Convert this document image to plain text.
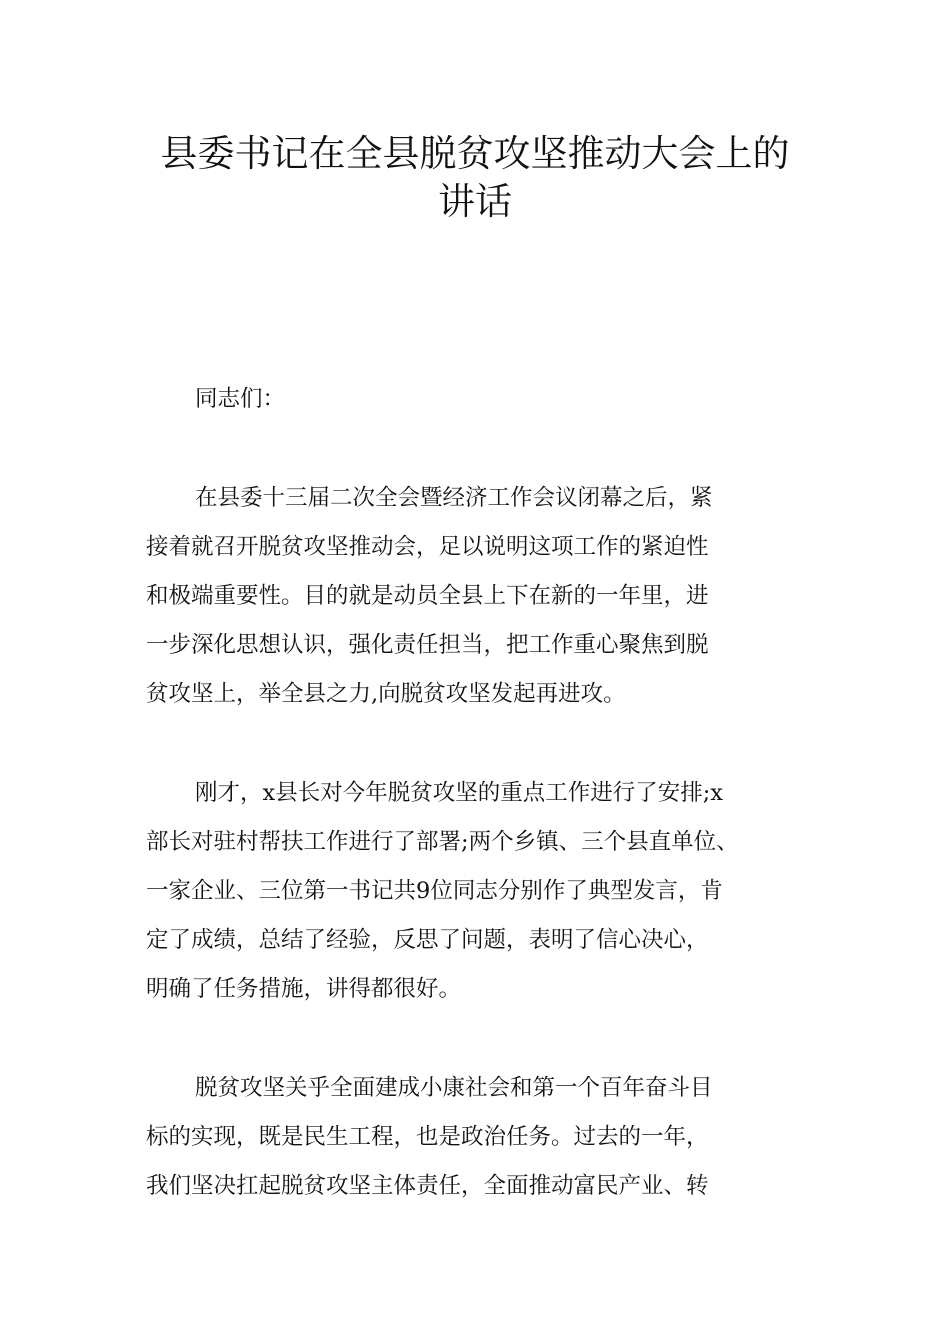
县委书记在全县脱贫攻坚推动大会上的
讲话
同志们：
在县委十三届二次全会暨经济工作会议闭幕之后，紧
接着就召开脱贫攻坚推动会，足以说明这项工作的紧迫性
和极端重要性。目的就是动员全县上下在新的一年里，进
一步深化思想认识，强化责任担当，把工作重心聚焦到脱
贫攻坚上，举全县之力,向脱贫攻坚发起再进攻。
刚才，x县长对今年脱贫攻坚的重点工作进行了安排;x
部长对驻村帮扶工作进行了部署;两个乡镇、三个县直单位、
一家企业、三位第一书记共9位同志分别作了典型发言，肯
定了成绩，总结了经验，反思了问题，表明了信心决心，
明确了任务措施，讲得都很好。
脱贫攻坚关乎全面建成小康社会和第一个百年奋斗目
标的实现，既是民生工程，也是政治任务。过去的一年，
我们坚决扛起脱贫攻坚主体责任，全面推动富民产业、转
